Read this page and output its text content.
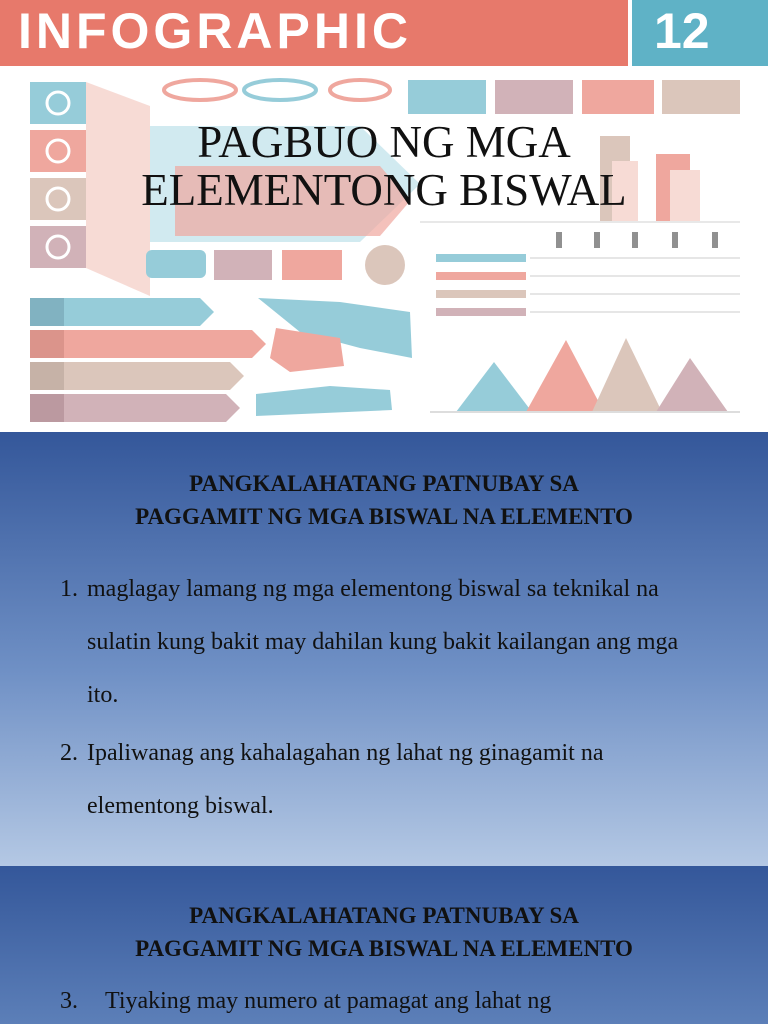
INFOGRAPHIC	12
PAGBUO NG MGA
ELEMENTONG BISWAL
PANGKALAHATANG PATNUBAY SA
PAGGAMIT NG MGA BISWAL NA ELEMENTO
1. maglagay lamang ng mga elementong biswal sa teknikal na sulatin kung bakit may dahilan kung bakit kailangan ang mga ito.
2. Ipaliwanag ang kahalagahan ng lahat ng ginagamit na elementong biswal.
PANGKALAHATANG PATNUBAY SA
PAGGAMIT NG MGA BISWAL NA ELEMENTO
3. Tiyaking may numero at pamagat ang lahat ng
